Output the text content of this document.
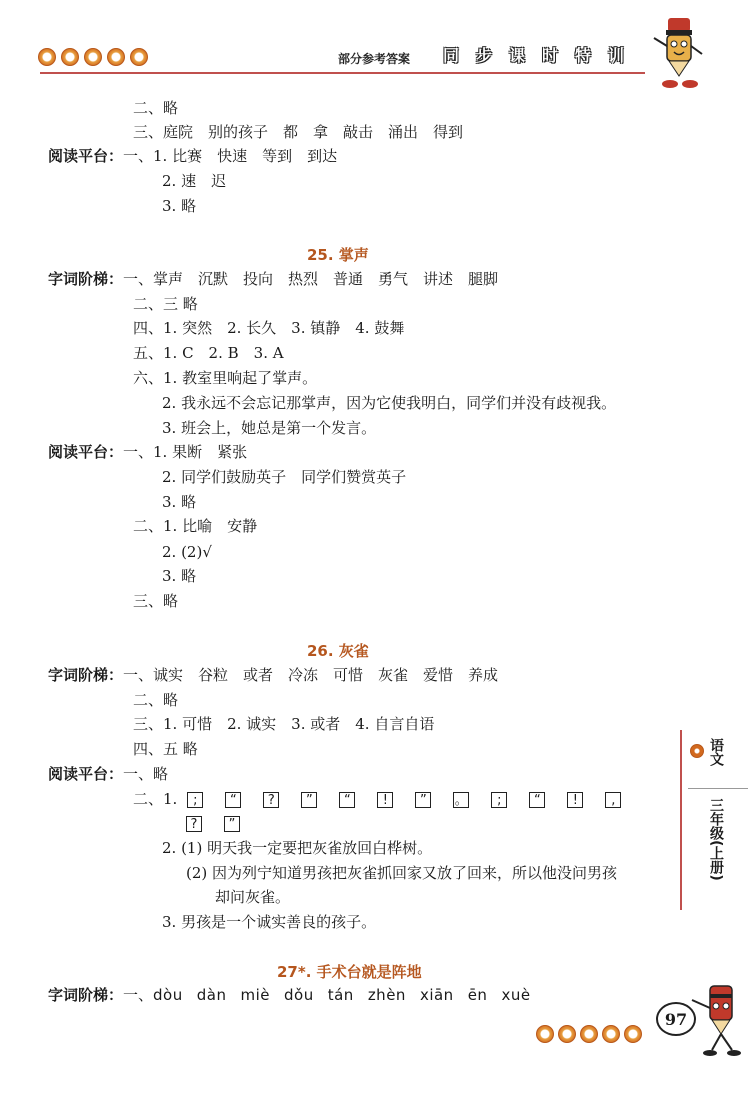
部分参考答案	同	步	课	时	特	训
二、略
三、庭院　别的孩子　都　拿　敲击　涌出　得到
阅读平台：一、1. 比赛　快速　等到　到达
2. 速　迟
3. 略
25. 掌声
字词阶梯：一、掌声　沉默　投向　热烈　普通　勇气　讲述　腿脚
二、三 略
四、1. 突然　2. 长久　3. 镇静　4. 鼓舞
五、1. C　2. B　3. A
六、1. 教室里响起了掌声。
2. 我永远不会忘记那掌声，因为它使我明白，同学们并没有歧视我。
3. 班会上，她总是第一个发言。
阅读平台：一、1. 果断　紧张
2. 同学们鼓励英子　同学们赞赏英子
3. 略
二、1. 比喻　安静
2. (2)√
3. 略
三、略
26. 灰雀
字词阶梯：一、诚实　谷粒　或者　冷冻　可惜　灰雀　爱惜　养成
二、略
三、1. 可惜　2. 诚实　3. 或者　4. 自言自语
四、五 略
阅读平台：一、略
二、1. ; “ ? ” “ ! ” 。 ; “ !	,
? ”
2. (1) 明天我一定要把灰雀放回白桦树。
(2) 因为列宁知道男孩把灰雀抓回家又放了回来，所以他没问男孩
却问灰雀。
3. 男孩是一个诚实善良的孩子。
27*. 手术台就是阵地
字词阶梯：一、dòu dàn miè dǒu tán zhèn xiān ēn xuè
语文
三年级(上册)
97
